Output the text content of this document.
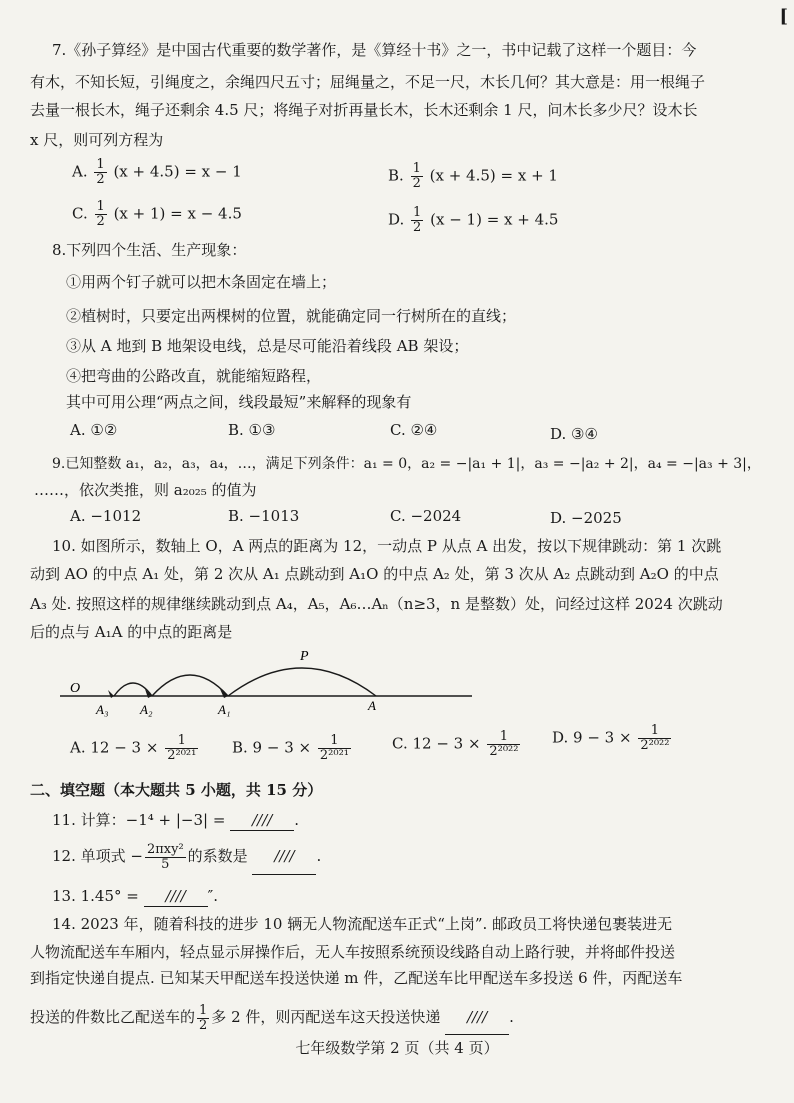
[
7.《孙子算经》是中国古代重要的数学著作，是《算经十书》之一，书中记载了这样一个题目：今
有木，不知长短，引绳度之，余绳四尺五寸；屈绳量之，不足一尺，木长几何？其大意是：用一根绳子
去量一根长木，绳子还剩余 4.5 尺；将绳子对折再量长木，长木还剩余 1 尺，问木长多少尺？设木长
x 尺，则可列方程为
A. $\frac{1}{2} (x + 4.5) = x - 1$	B. $\frac{1}{2} (x + 4.5) = x + 1$
C. $\frac{1}{2} (x + 1) = x - 4.5$	D. $\frac{1}{2} (x - 1) = x + 4.5$
8.下列四个生活、生产现象：
①用两个钉子就可以把木条固定在墙上；
②植树时，只要定出两棵树的位置，就能确定同一行树所在的直线；
③从 A 地到 B 地架设电线，总是尽可能沿着线段 AB 架设；
④把弯曲的公路改直，就能缩短路程，
其中可用公理“两点之间，线段最短”来解释的现象有
A. ①②	B. ①③	C. ②④	D. ③④
9.已知整数 a₁，a₂，a₃，a₄，…，满足下列条件：a₁ = 0，a₂ = −|a₁ + 1|，a₃ = −|a₂ + 2|，a₄ = −|a₃ + 3|，
……，依次类推，则 a₂₀₂₅ 的值为
A. −1012	B. −1013	C. −2024	D. −2025
10. 如图所示，数轴上 O，A 两点的距离为 12，一动点 P 从点 A 出发，按以下规律跳动：第 1 次跳
动到 AO 的中点 A₁ 处，第 2 次从 A₁ 点跳动到 A₁O 的中点 A₂ 处，第 3 次从 A₂ 点跳动到 A₂O 的中点
A₃ 处. 按照这样的规律继续跳动到点 A₄，A₅，A₆…Aₙ（n≥3，n 是整数）处，问经过这样 2024 次跳动
后的点与 A₁A 的中点的距离是
O
A₃ A₂	A₁	A
P
A. $12 - 3 \times \frac{1}{\text{2²⁰²¹}} B$. $9 - 3 \times \frac{1}{\text{2²⁰²¹}}$	C. $12 - 3 \times \frac{1}{\text{2²⁰²²}} D$. $9 - 3 \times \frac{1}{\text{2²⁰²²}}$
二、填空题（本大题共 5 小题，共 15 分）
11. 计算：−1⁴ + |−3| = //// .
12. 单项式 − $\frac{\text{2πxy²}}{5}$ 的系数是 //// .
13. 1.45° = //// ″.
14. 2023 年，随着科技的进步 10 辆无人物流配送车正式“上岗”. 邮政员工将快递包裹装进无
人物流配送车车厢内，轻点显示屏操作后，无人车按照系统预设线路自动上路行驶，并将邮件投送
到指定快递自提点. 已知某天甲配送车投送快递 m 件，乙配送车比甲配送车多投送 6 件，丙配送车
投送的件数比乙配送车的 $\frac{1}{2}$ 多 2 件，则丙配送车这天投送快递 //// .
七年级数学第 2 页（共 4 页）
